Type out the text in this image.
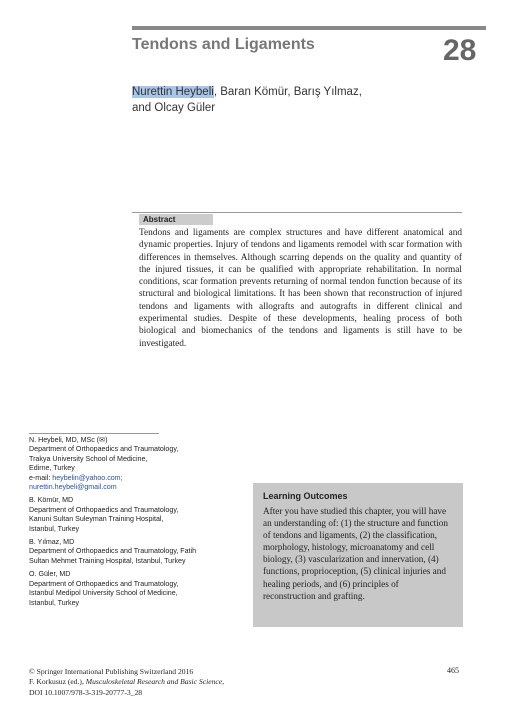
Tendons and Ligaments	28
Nurettin Heybeli, Baran Kömür, Barış Yılmaz,
and Olcay Güler
Abstract
Tendons and ligaments are complex structures and have different anatomical and dynamic properties. Injury of tendons and ligaments remodel with scar formation with differences in themselves. Although scarring depends on the quality and quantity of the injured tissues, it can be qualified with appropriate rehabilitation. In normal conditions, scar formation prevents returning of normal tendon function because of its structural and biological limitations. It has been shown that reconstruction of injured tendons and ligaments with allografts and autografts in different clinical and experimental studies. Despite of these developments, healing process of both biological and biomechanics of the tendons and ligaments is still have to be investigated.
N. Heybeli, MD, MSc (✉)
Department of Orthopaedics and Traumatology,
Trakya University School of Medicine,
Edirne, Turkey
e-mail: heybelin@yahoo.com;
nurettin.heybeli@gmail.com
B. Kömür, MD
Department of Orthopaedics and Traumatology,
Kanuni Sultan Suleyman Training Hospital,
Istanbul, Turkey
B. Yılmaz, MD
Department of Orthopaedics and Traumatology, Fatih
Sultan Mehmet Training Hospital, Istanbul, Turkey
O. Güler, MD
Department of Orthopaedics and Traumatology,
Istanbul Medipol University School of Medicine,
Istanbul, Turkey
Learning Outcomes
After you have studied this chapter, you will have an understanding of: (1) the structure and function of tendons and ligaments, (2) the classification, morphology, histology, microanatomy and cell biology, (3) vascularization and innervation, (4) functions, proprioception, (5) clinical injuries and healing periods, and (6) principles of reconstruction and grafting.
© Springer International Publishing Switzerland 2016
F. Korkusuz (ed.), Musculoskeletal Research and Basic Science,
DOI 10.1007/978-3-319-20777-3_28
465
